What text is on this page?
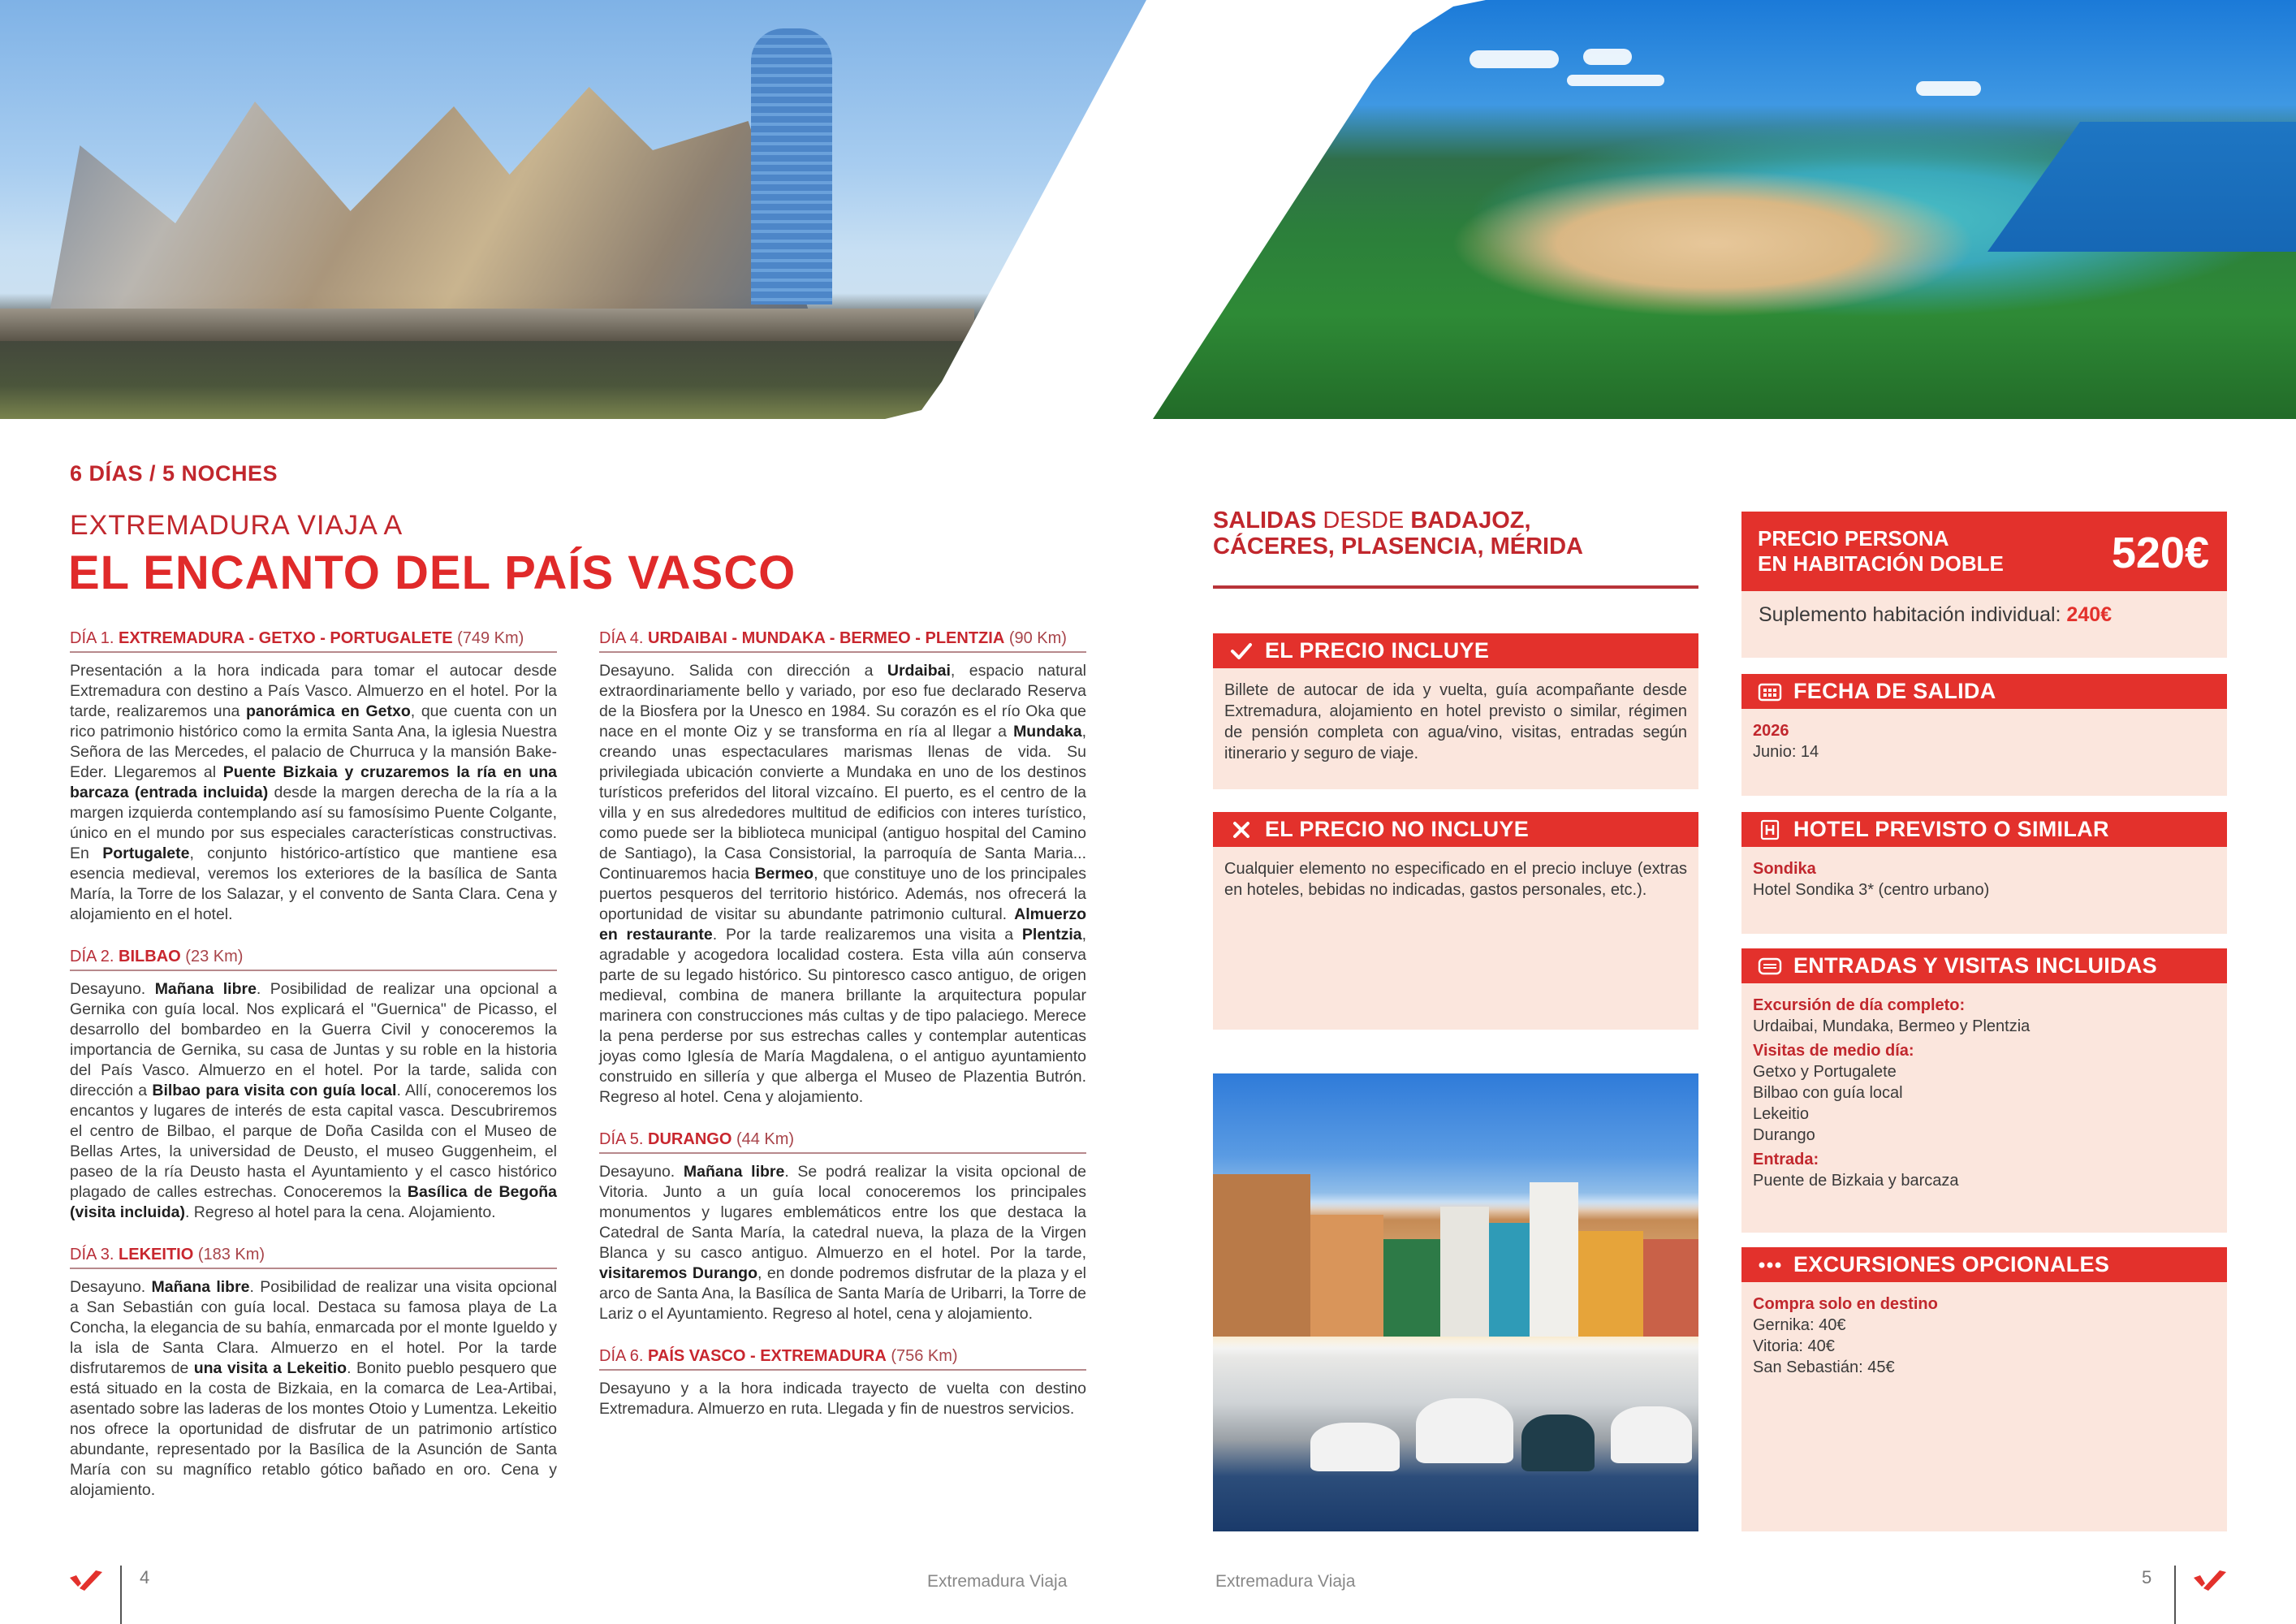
6 DÍAS / 5 NOCHES
EXTREMADURA VIAJA A
EL ENCANTO DEL PAÍS VASCO
DÍA 1. EXTREMADURA - GETXO - PORTUGALETE (749 Km)
Presentación a la hora indicada para tomar el autocar desde Extremadura con destino a País Vasco. Almuerzo en el hotel. Por la tarde, realizaremos una panorámica en Getxo, que cuenta con un rico patrimonio histórico como la ermita Santa Ana, la iglesia Nuestra Señora de las Mercedes, el palacio de Churruca y la mansión Bake-Eder. Llegaremos al Puente Bizkaia y cruzaremos la ría en una barcaza (entrada incluida) desde la margen derecha de la ría a la margen izquierda contemplando así su famosísimo Puente Colgante, único en el mundo por sus especiales características constructivas. En Portugalete, conjunto histórico-artístico que mantiene esa esencia medieval, veremos los exteriores de la basílica de Santa María, la Torre de los Salazar, y el convento de Santa Clara. Cena y alojamiento en el hotel.
DÍA 2. BILBAO (23 Km)
Desayuno. Mañana libre. Posibilidad de realizar una opcional a Gernika con guía local. Nos explicará el "Guernica" de Picasso, el desarrollo del bombardeo en la Guerra Civil y conoceremos la importancia de Gernika, su casa de Juntas y su roble en la historia del País Vasco. Almuerzo en el hotel. Por la tarde, salida con dirección a Bilbao para visita con guía local. Allí, conoceremos los encantos y lugares de interés de esta capital vasca. Descubriremos el centro de Bilbao, el parque de Doña Casilda con el Museo de Bellas Artes, la universidad de Deusto, el museo Guggenheim, el paseo de la ría Deusto hasta el Ayuntamiento y el casco histórico plagado de calles estrechas. Conoceremos la Basílica de Begoña (visita incluida). Regreso al hotel para la cena. Alojamiento.
DÍA 3. LEKEITIO (183 Km)
Desayuno. Mañana libre. Posibilidad de realizar una visita opcional a San Sebastián con guía local. Destaca su famosa playa de La Concha, la elegancia de su bahía, enmarcada por el monte Igueldo y la isla de Santa Clara. Almuerzo en el hotel. Por la tarde disfrutaremos de una visita a Lekeitio. Bonito pueblo pesquero que está situado en la costa de Bizkaia, en la comarca de Lea-Artibai, asentado sobre las laderas de los montes Otoio y Lumentza. Lekeitio nos ofrece la oportunidad de disfrutar de un patrimonio artístico abundante, representado por la Basílica de la Asunción de Santa María con su magnífico retablo gótico bañado en oro. Cena y alojamiento.
DÍA 4. URDAIBAI - MUNDAKA - BERMEO - PLENTZIA (90 Km)
Desayuno. Salida con dirección a Urdaibai, espacio natural extraordinariamente bello y variado, por eso fue declarado Reserva de la Biosfera por la Unesco en 1984. Su corazón es el río Oka que nace en el monte Oiz y se transforma en ría al llegar a Mundaka, creando unas espectaculares marismas llenas de vida. Su privilegiada ubicación convierte a Mundaka en uno de los destinos turísticos preferidos del litoral vizcaíno. El puerto, es el centro de la villa y en sus alrededores multitud de edificios con interes turístico, como puede ser la biblioteca municipal (antiguo hospital del Camino de Santiago), la Casa Consistorial, la parroquía de Santa Maria... Continuaremos hacia Bermeo, que constituye uno de los principales puertos pesqueros del territorio histórico. Además, nos ofrecerá la oportunidad de visitar su abundante patrimonio cultural. Almuerzo en restaurante. Por la tarde realizaremos una visita a Plentzia, agradable y acogedora localidad costera. Esta villa aún conserva parte de su legado histórico. Su pintoresco casco antiguo, de origen medieval, combina de manera brillante la arquitectura popular marinera con construcciones más cultas y de tipo palaciego. Merece la pena perderse por sus estrechas calles y contemplar autenticas joyas como Iglesía de María Magdalena, o el antiguo ayuntamiento construido en sillería y que alberga el Museo de Plazentia Butrón. Regreso al hotel. Cena y alojamiento.
DÍA 5. DURANGO (44 Km)
Desayuno. Mañana libre. Se podrá realizar la visita opcional de Vitoria. Junto a un guía local conoceremos los principales monumentos y lugares emblemáticos entre los que destaca la Catedral de Santa María, la catedral nueva, la plaza de la Virgen Blanca y su casco antiguo. Almuerzo en el hotel. Por la tarde, visitaremos Durango, en donde podremos disfrutar de la plaza y el arco de Santa Ana, la Basílica de Santa María de Uribarri, la Torre de Lariz o el Ayuntamiento. Regreso al hotel, cena y alojamiento.
DÍA 6. PAÍS VASCO - EXTREMADURA (756 Km)
Desayuno y a la hora indicada trayecto de vuelta con destino Extremadura. Almuerzo en ruta. Llegada y fin de nuestros servicios.
4	Extremadura Viaja
SALIDAS DESDE BADAJOZ,
CÁCERES, PLASENCIA, MÉRIDA
EL PRECIO INCLUYE
Billete de autocar de ida y vuelta, guía acompañante desde Extremadura, alojamiento en hotel previsto o similar, régimen de pensión completa con agua/vino, visitas, entradas según itinerario y seguro de viaje.
EL PRECIO NO INCLUYE
Cualquier elemento no especificado en el precio incluye (extras en hoteles, bebidas no indicadas, gastos personales, etc.).
PRECIO PERSONA
EN HABITACIÓN DOBLE 520€
Suplemento habitación individual: 240€
FECHA DE SALIDA
2026
Junio: 14
HOTEL PREVISTO O SIMILAR
Sondika
Hotel Sondika 3* (centro urbano)
ENTRADAS Y VISITAS INCLUIDAS
Excursión de día completo:
Urdaibai, Mundaka, Bermeo y Plentzia
Visitas de medio día:
Getxo y Portugalete
Bilbao con guía local
Lekeitio
Durango
Entrada:
Puente de Bizkaia y barcaza
EXCURSIONES OPCIONALES
Compra solo en destino
Gernika: 40€
Vitoria: 40€
San Sebastián: 45€
Extremadura Viaja	5
